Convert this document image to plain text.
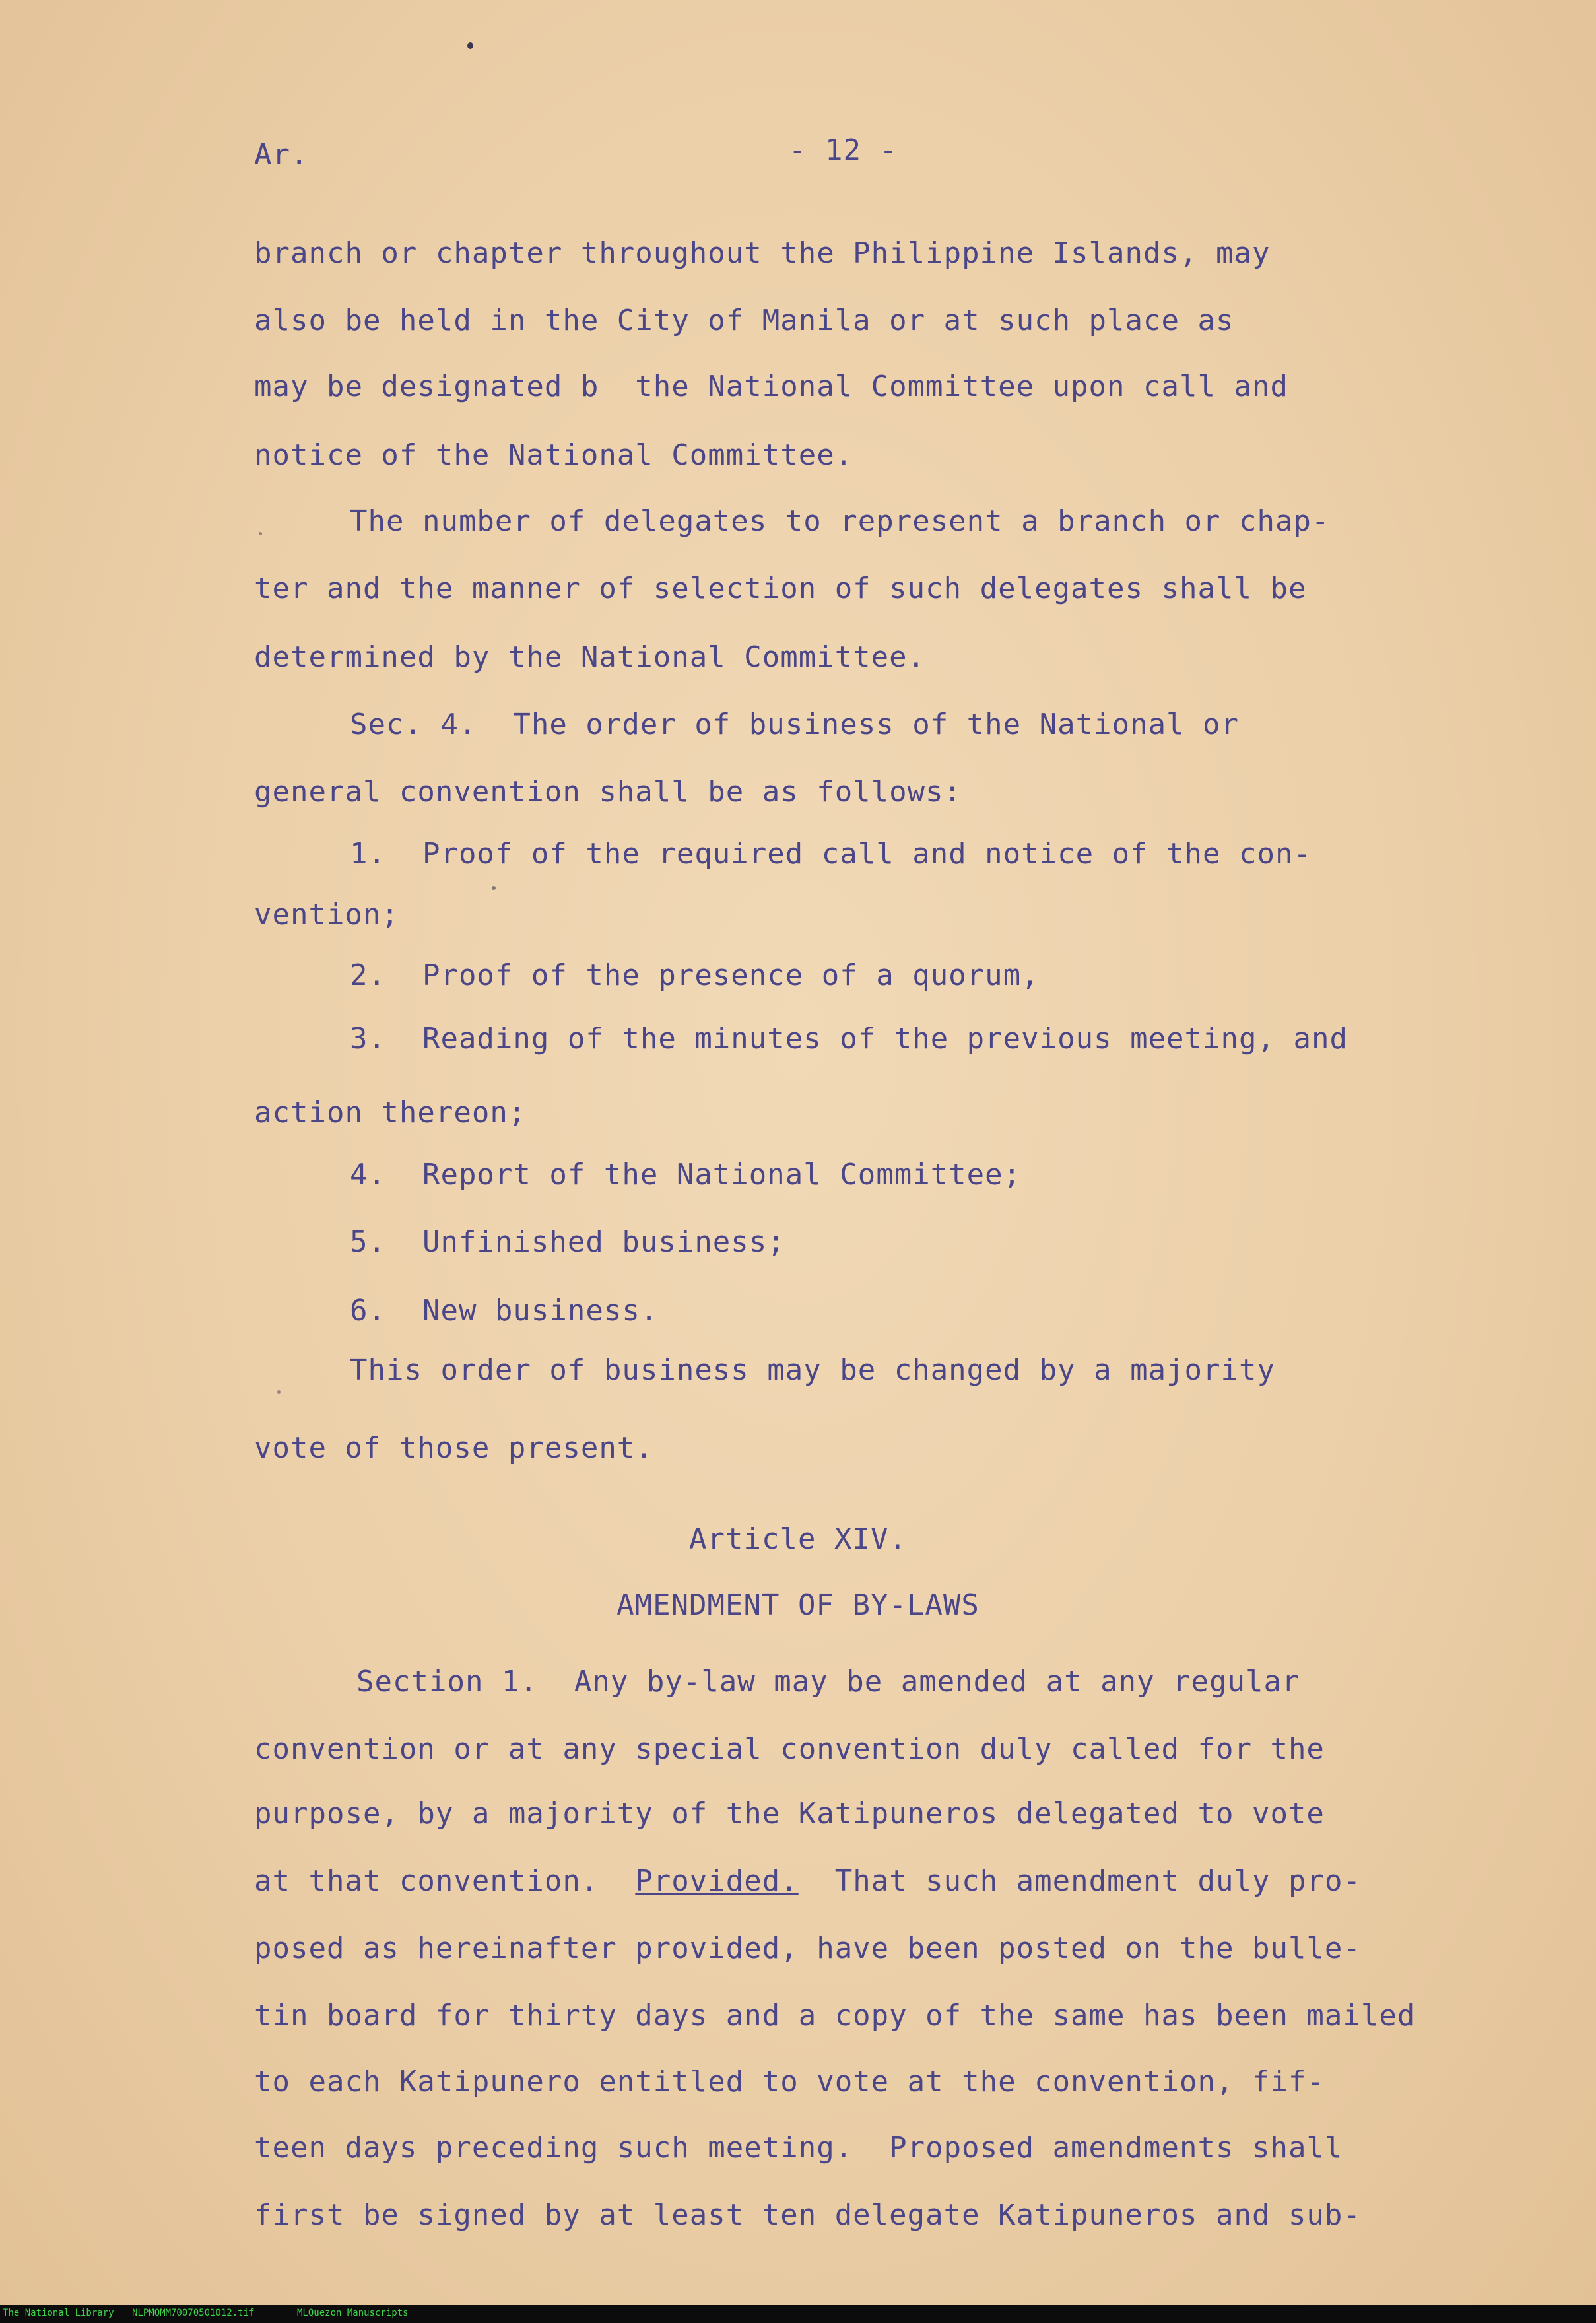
Ar.	- 12 -

branch or chapter throughout the Philippine Islands, may

also be held in the City of Manila or at such place as

may be designated b  the National Committee upon call and

notice of the National Committee.

The number of delegates to represent a branch or chap-

ter and the manner of selection of such delegates shall be

determined by the National Committee.

Sec. 4.  The order of business of the National or

general convention shall be as follows:

1.  Proof of the required call and notice of the con-

vention;

2.  Proof of the presence of a quorum,

3.  Reading of the minutes of the previous meeting, and

action thereon;

4.  Report of the National Committee;

5.  Unfinished business;

6.  New business.

This order of business may be changed by a majority

vote of those present.

Article XIV.

AMENDMENT OF BY-LAWS

Section 1.  Any by-law may be amended at any regular

convention or at any special convention duly called for the

purpose, by a majority of the Katipuneros delegated to vote

at that convention. Provided. That such amendment duly pro-

posed as hereinafter provided, have been posted on the bulle-

tin board for thirty days and a copy of the same has been mailed

to each Katipunero entitled to vote at the convention, fif-

teen days preceding such meeting.  Proposed amendments shall

first be signed by at least ten delegate Katipuneros and sub-

The National Library NLPMQMM70070501012.tif	MLQuezon Manuscripts
